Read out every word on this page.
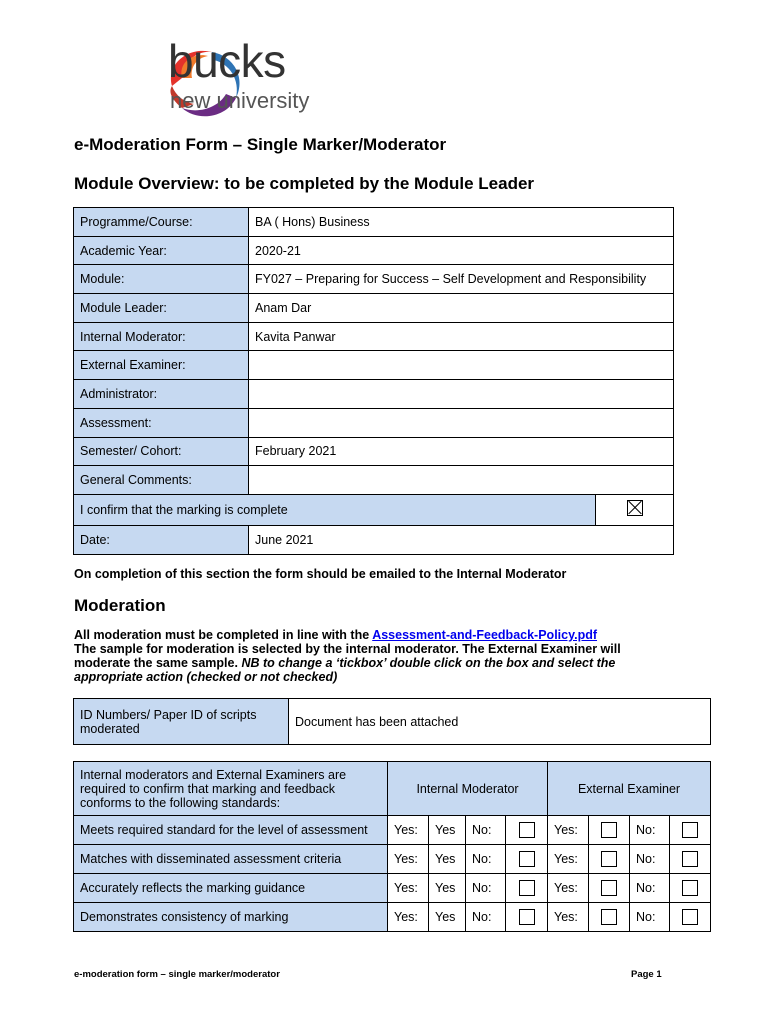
bucks
new university
e-Moderation Form – Single Marker/Moderator
Module Overview: to be completed by the Module Leader
Programme/Course:	BA ( Hons) Business	
Academic Year:	2020-21	
Module:	FY027 – Preparing for Success – Self Development and Responsibility	
Module Leader:	Anam Dar	
Internal Moderator:	Kavita Panwar	
External Examiner:		
Administrator:		
Assessment:		
Semester/ Cohort:	February 2021	
General Comments:		
I confirm that the marking is complete		
Date:	June 2021	
On completion of this section the form should be emailed to the Internal Moderator
Moderation
All moderation must be completed in line with the Assessment-and-Feedback-Policy.pdf
The sample for moderation is selected by the internal moderator. The External Examiner will
moderate the same sample. NB to change a ‘tickbox’ double click on the box and select the
appropriate action (checked or not checked)
ID Numbers/ Paper ID of scripts moderated	Document has been attached
Internal moderators and External Examiners are required to confirm that marking and feedback conforms to the following standards:	Internal Moderator				External Examiner			
Meets required standard for the level of assessment	Yes:	Yes	No:		Yes:		No:	
Matches with disseminated assessment criteria	Yes:	Yes	No:		Yes:		No:	
Accurately reflects the marking guidance	Yes:	Yes	No:		Yes:		No:	
Demonstrates consistency of marking	Yes:	Yes	No:		Yes:		No:	
e-moderation form – single marker/moderator	Page 1
